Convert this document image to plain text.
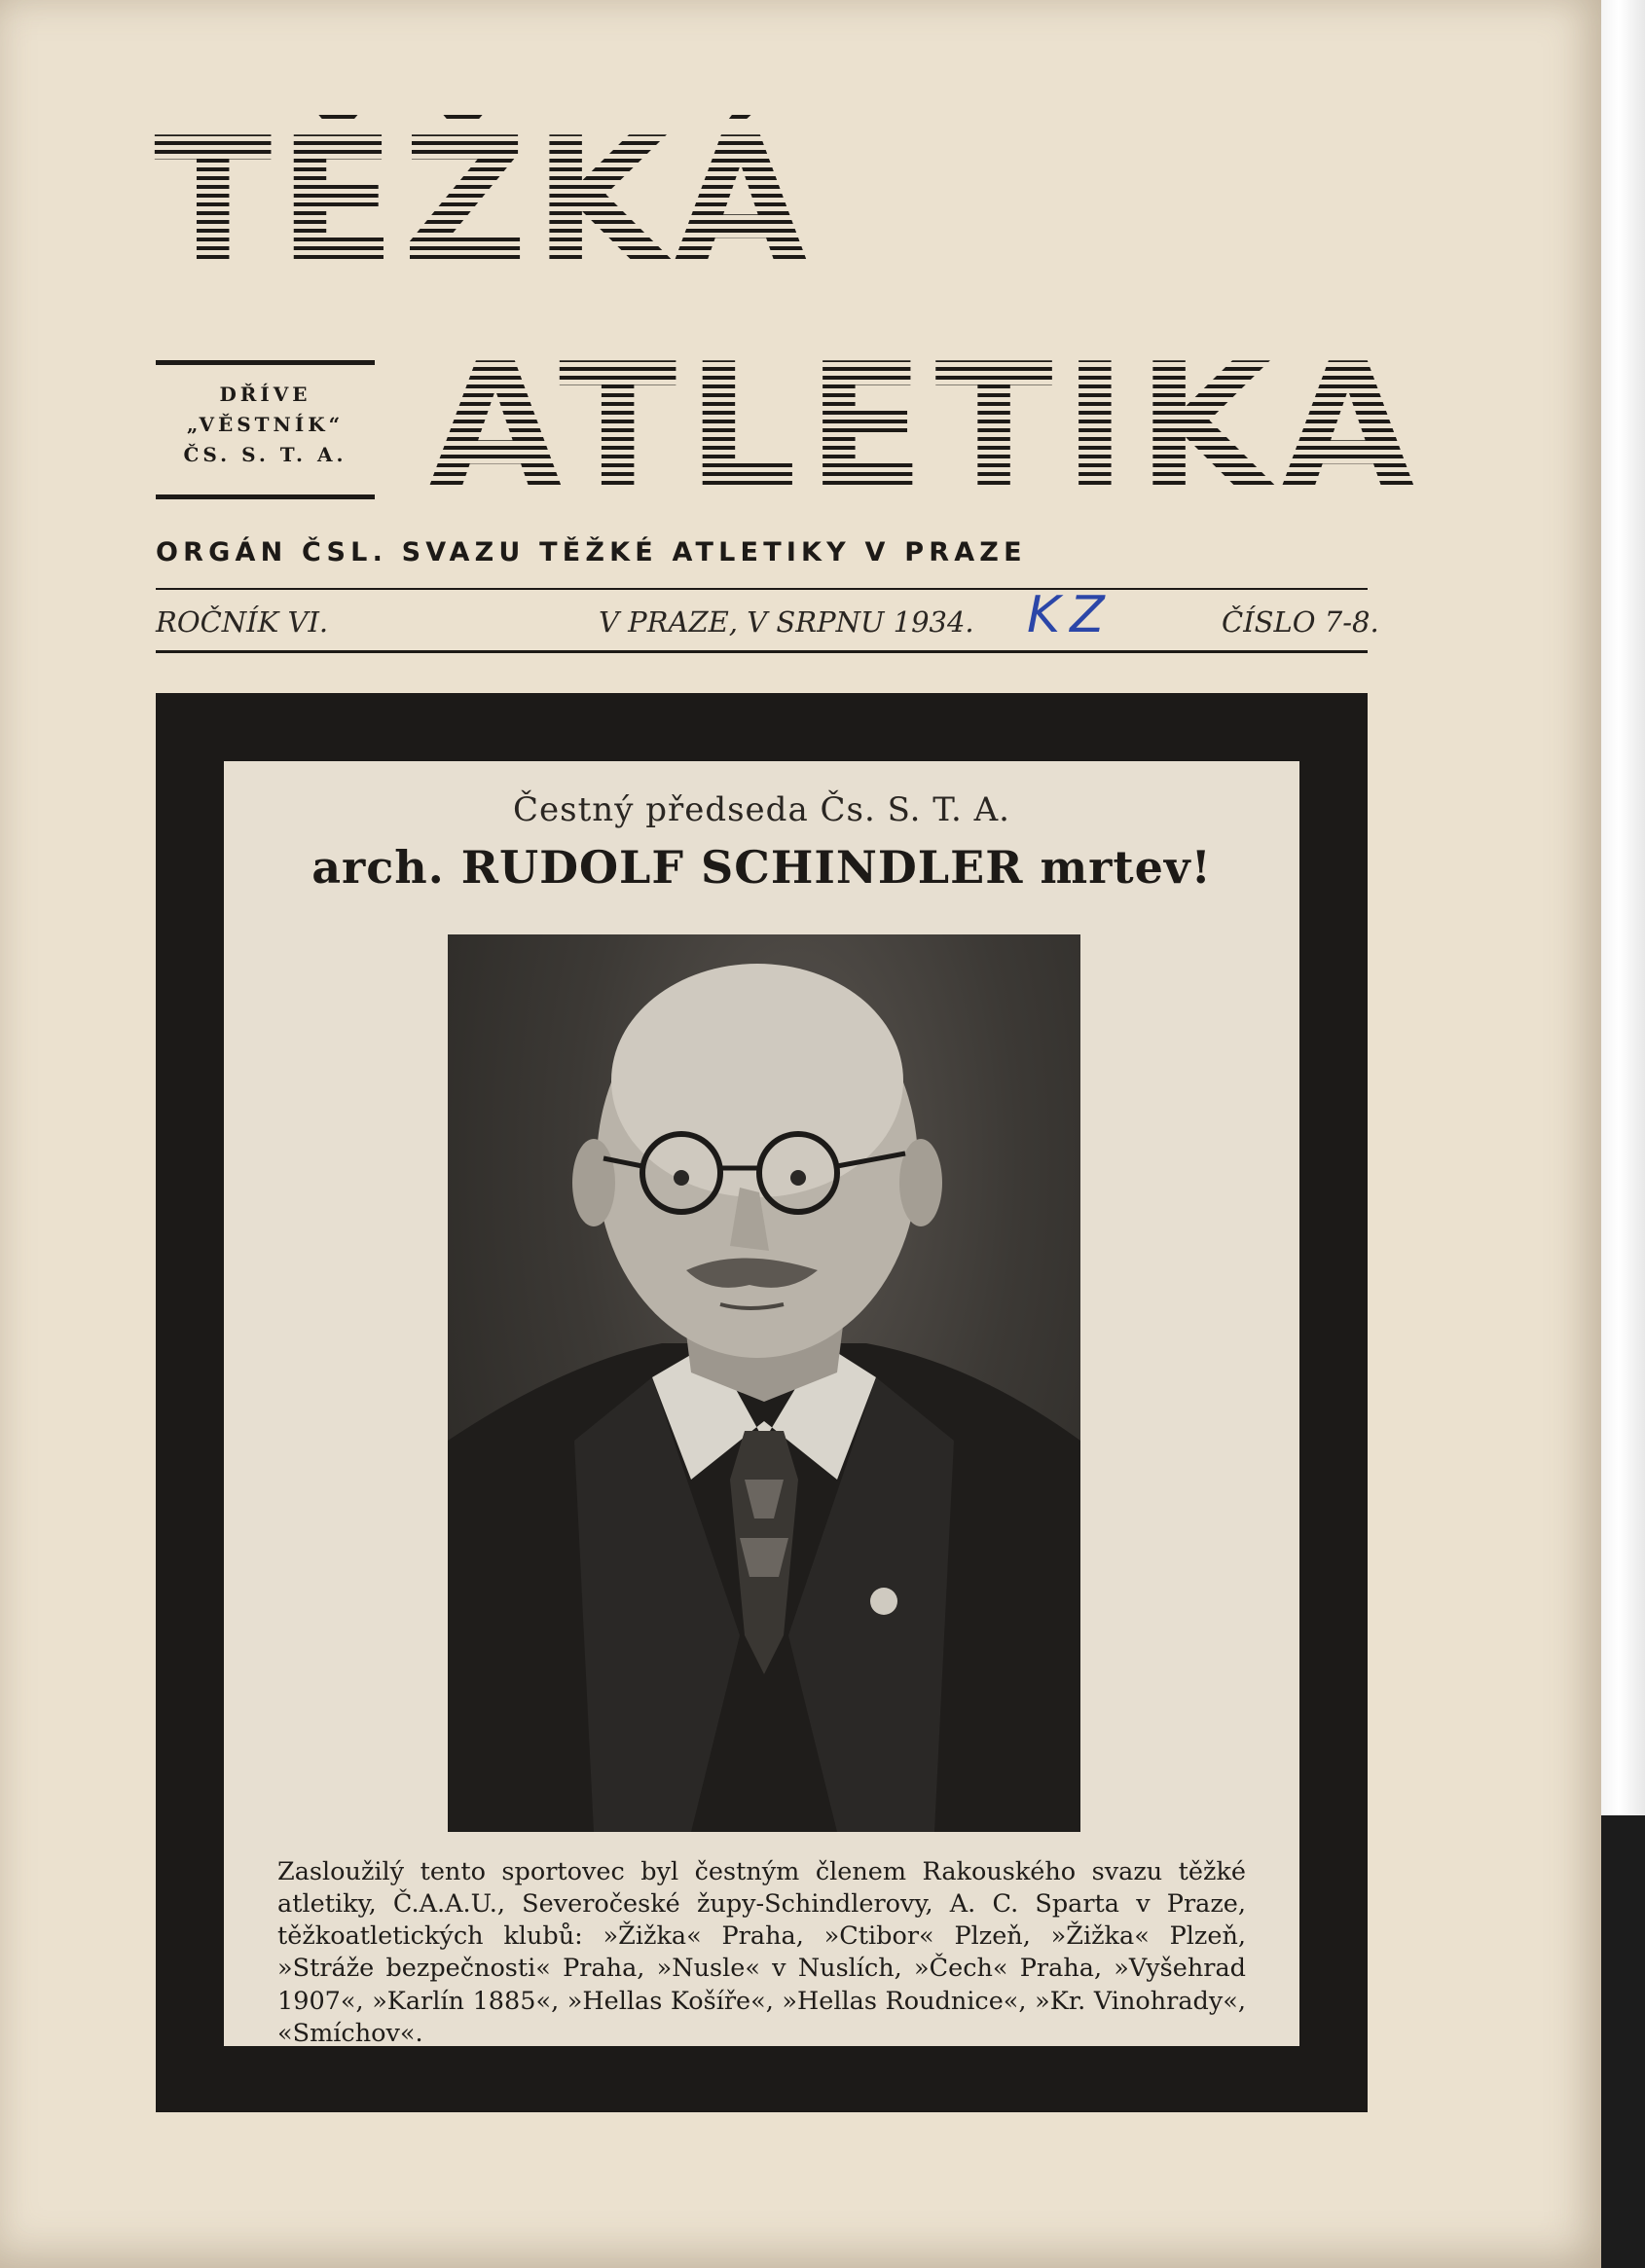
TĚŽKÁ
DŘÍVE
„VĚSTNÍK“
ČS. S. T. A. ATLETIKA
ORGÁN ČSL. SVAZU TĚŽKÉ ATLETIKY V PRAZE
ROČNÍK VI.	V PRAZE, V SRPNU 1934. KZ	ČÍSLO 7-8.
Čestný předseda Čs. S. T. A.
arch. RUDOLF SCHINDLER mrtev!
Zasloužilý tento sportovec byl čestným členem Rakouského svazu těžké atletiky, Č.A.A.U., Severočeské župy-Schindlerovy, A. C. Sparta v Praze, těžkoatletických klubů: »Žižka« Praha, »Ctibor« Plzeň, »Žižka« Plzeň, »Stráže bezpečnosti« Praha, »Nusle« v Nuslích, »Čech« Praha, »Vyšehrad 1907«, »Karlín 1885«, »Hellas Košíře«, »Hellas Roudnice«, »Kr. Vinohrady«, «Smíchov«.
